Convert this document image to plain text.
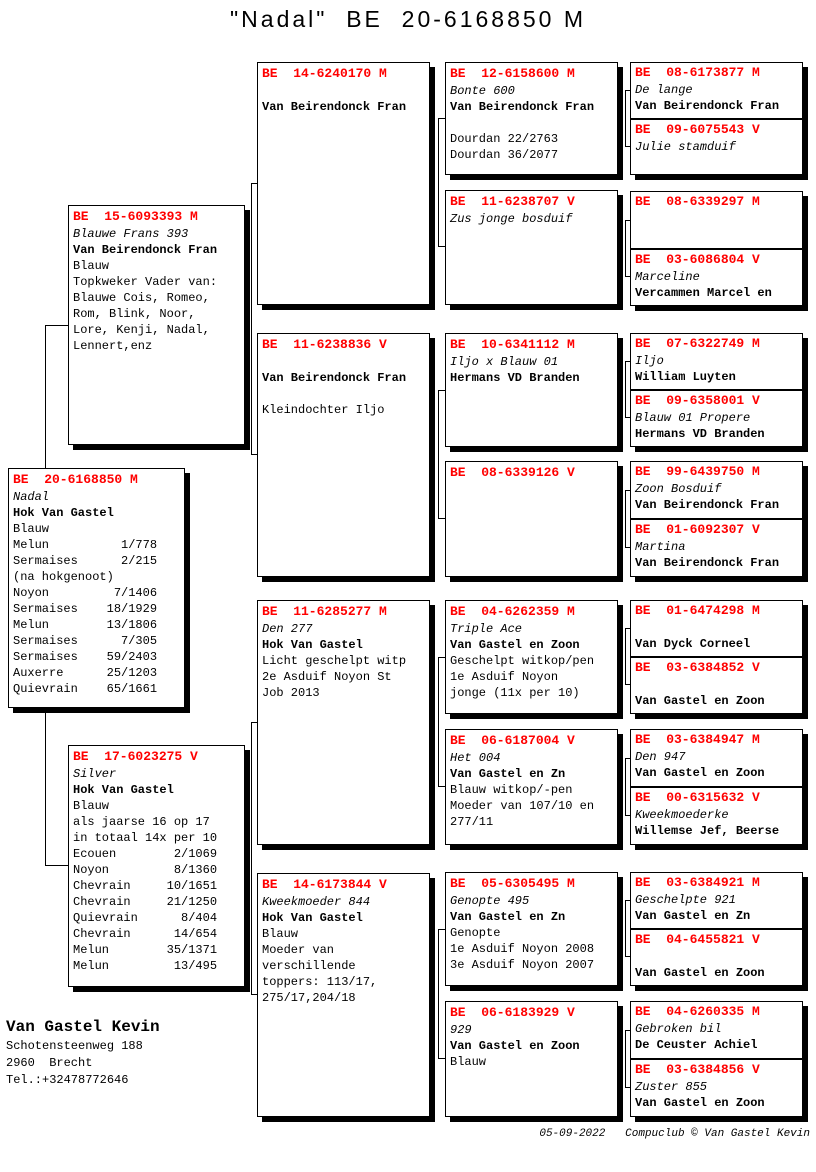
"Nadal"  BE  20-6168850 M
BE  20-6168850 M
Nadal
Hok Van Gastel
Blauw
Melun          1/778
Sermaises      2/215
(na hokgenoot)
Noyon         7/1406
Sermaises    18/1929
Melun        13/1806
Sermaises      7/305
Sermaises    59/2403
Auxerre      25/1203
Quievrain    65/1661
BE  15-6093393 M
Blauwe Frans 393
Van Beirendonck Fran
Blauw
Topkweker Vader van:
Blauwe Cois, Romeo,
Rom, Blink, Noor,
Lore, Kenji, Nadal,
Lennert,enz
BE  17-6023275 V
Silver
Hok Van Gastel
Blauw
als jaarse 16 op 17
in totaal 14x per 10
Ecouen        2/1069
Noyon         8/1360
Chevrain     10/1651
Chevrain     21/1250
Quievrain      8/404
Chevrain      14/654
Melun        35/1371
Melun         13/495
BE  14-6240170 M

Van Beirendonck Fran
BE  11-6238836 V

Van Beirendonck Fran

Kleindochter Iljo
BE  11-6285277 M
Den 277
Hok Van Gastel
Licht geschelpt witp
2e Asduif Noyon St
Job 2013
BE  14-6173844 V
Kweekmoeder 844
Hok Van Gastel
Blauw
Moeder van
verschillende
toppers: 113/17,
275/17,204/18
BE  12-6158600 M
Bonte 600
Van Beirendonck Fran

Dourdan 22/2763
Dourdan 36/2077
BE  11-6238707 V
Zus jonge bosduif
BE  10-6341112 M
Iljo x Blauw 01
Hermans VD Branden
BE  08-6339126 V
BE  04-6262359 M
Triple Ace
Van Gastel en Zoon
Geschelpt witkop/pen
1e Asduif Noyon
jonge (11x per 10)
BE  06-6187004 V
Het 004
Van Gastel en Zn
Blauw witkop/-pen
Moeder van 107/10 en
277/11
BE  05-6305495 M
Genopte 495
Van Gastel en Zn
Genopte
1e Asduif Noyon 2008
3e Asduif Noyon 2007
BE  06-6183929 V
929
Van Gastel en Zoon
Blauw
BE  08-6173877 M
De lange
Van Beirendonck Fran
BE  09-6075543 V
Julie stamduif
BE  08-6339297 M
BE  03-6086804 V
Marceline
Vercammen Marcel en
BE  07-6322749 M
Iljo
William Luyten
BE  09-6358001 V
Blauw 01 Propere
Hermans VD Branden
BE  99-6439750 M
Zoon Bosduif
Van Beirendonck Fran
BE  01-6092307 V
Martina
Van Beirendonck Fran
BE  01-6474298 M

Van Dyck Corneel
BE  03-6384852 V

Van Gastel en Zoon
BE  03-6384947 M
Den 947
Van Gastel en Zoon
BE  00-6315632 V
Kweekmoederke
Willemse Jef, Beerse
BE  03-6384921 M
Geschelpte 921
Van Gastel en Zn
BE  04-6455821 V

Van Gastel en Zoon
BE  04-6260335 M
Gebroken bil
De Ceuster Achiel
BE  03-6384856 V
Zuster 855
Van Gastel en Zoon
Van Gastel Kevin
Schotensteenweg 188
2960  Brecht
Tel.:+32478772646
05-09-2022   Compuclub © Van Gastel Kevin
